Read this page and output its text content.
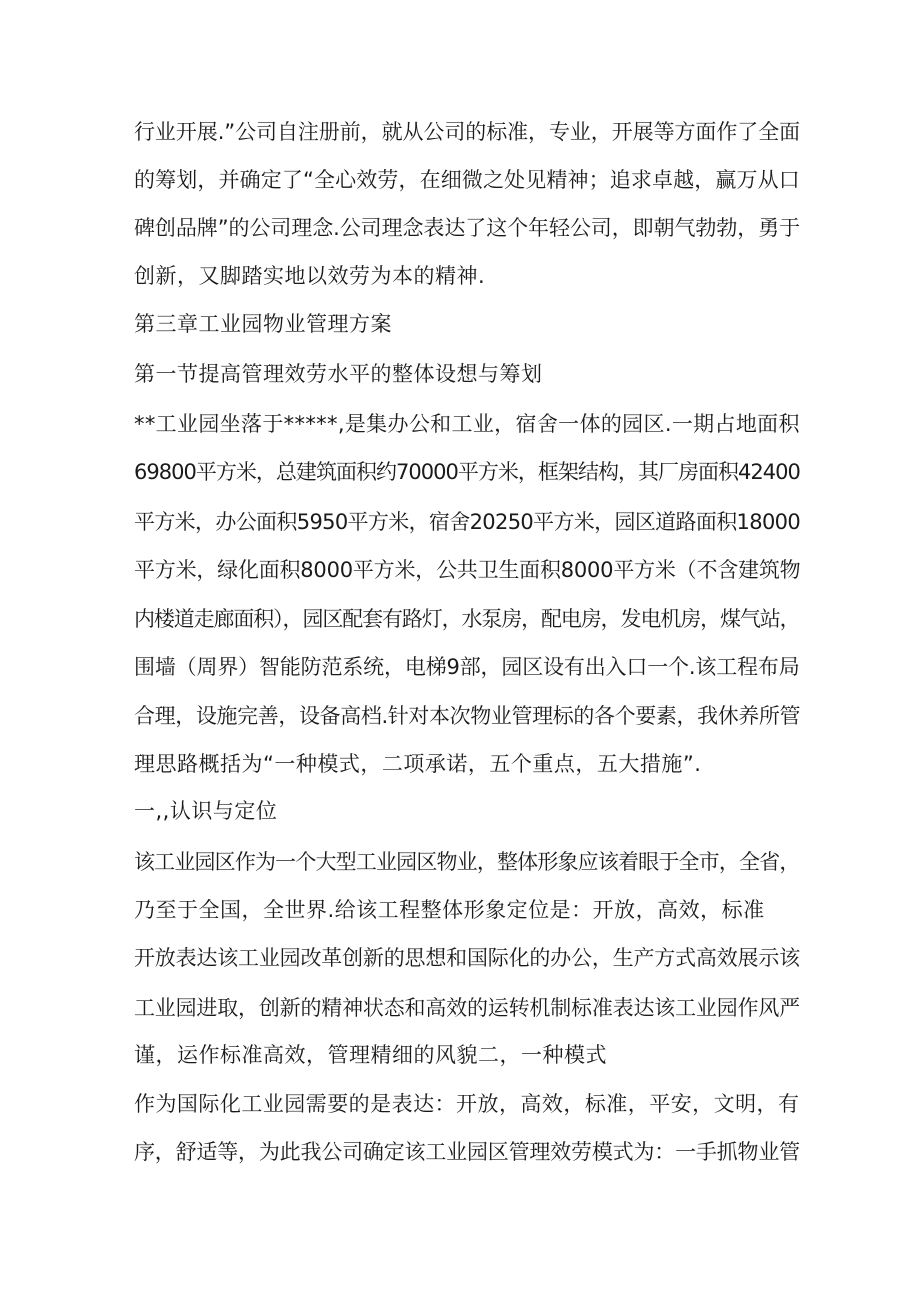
行业开展.”公司自注册前，就从公司的标准，专业，开展等方面作了全面
的筹划，并确定了“全心效劳，在细微之处见精神；追求卓越，赢万从口
碑创品牌”的公司理念.公司理念表达了这个年轻公司，即朝气勃勃，勇于
创新，又脚踏实地以效劳为本的精神.
第三章工业园物业管理方案
第一节提高管理效劳水平的整体设想与筹划
**工业园坐落于*****,是集办公和工业，宿舍一体的园区.一期占地面积
69800平方米，总建筑面积约70000平方米，框架结构，其厂房面积42400
平方米，办公面积5950平方米，宿舍20250平方米，园区道路面积18000
平方米，绿化面积8000平方米，公共卫生面积8000平方米（不含建筑物
内楼道走廊面积），园区配套有路灯，水泵房，配电房，发电机房，煤气站，
围墙（周界）智能防范系统，电梯9部，园区设有出入口一个.该工程布局
合理，设施完善，设备高档.针对本次物业管理标的各个要素，我休养所管
理思路概括为“一种模式，二项承诺，五个重点，五大措施”.
一,,认识与定位
该工业园区作为一个大型工业园区物业，整体形象应该着眼于全市，全省，
乃至于全国，全世界.给该工程整体形象定位是：开放，高效，标准
开放表达该工业园改革创新的思想和国际化的办公，生产方式高效展示该
工业园进取，创新的精神状态和高效的运转机制标准表达该工业园作风严
谨，运作标准高效，管理精细的风貌二，一种模式
作为国际化工业园需要的是表达：开放，高效，标准，平安，文明，有
序，舒适等，为此我公司确定该工业园区管理效劳模式为：一手抓物业管
